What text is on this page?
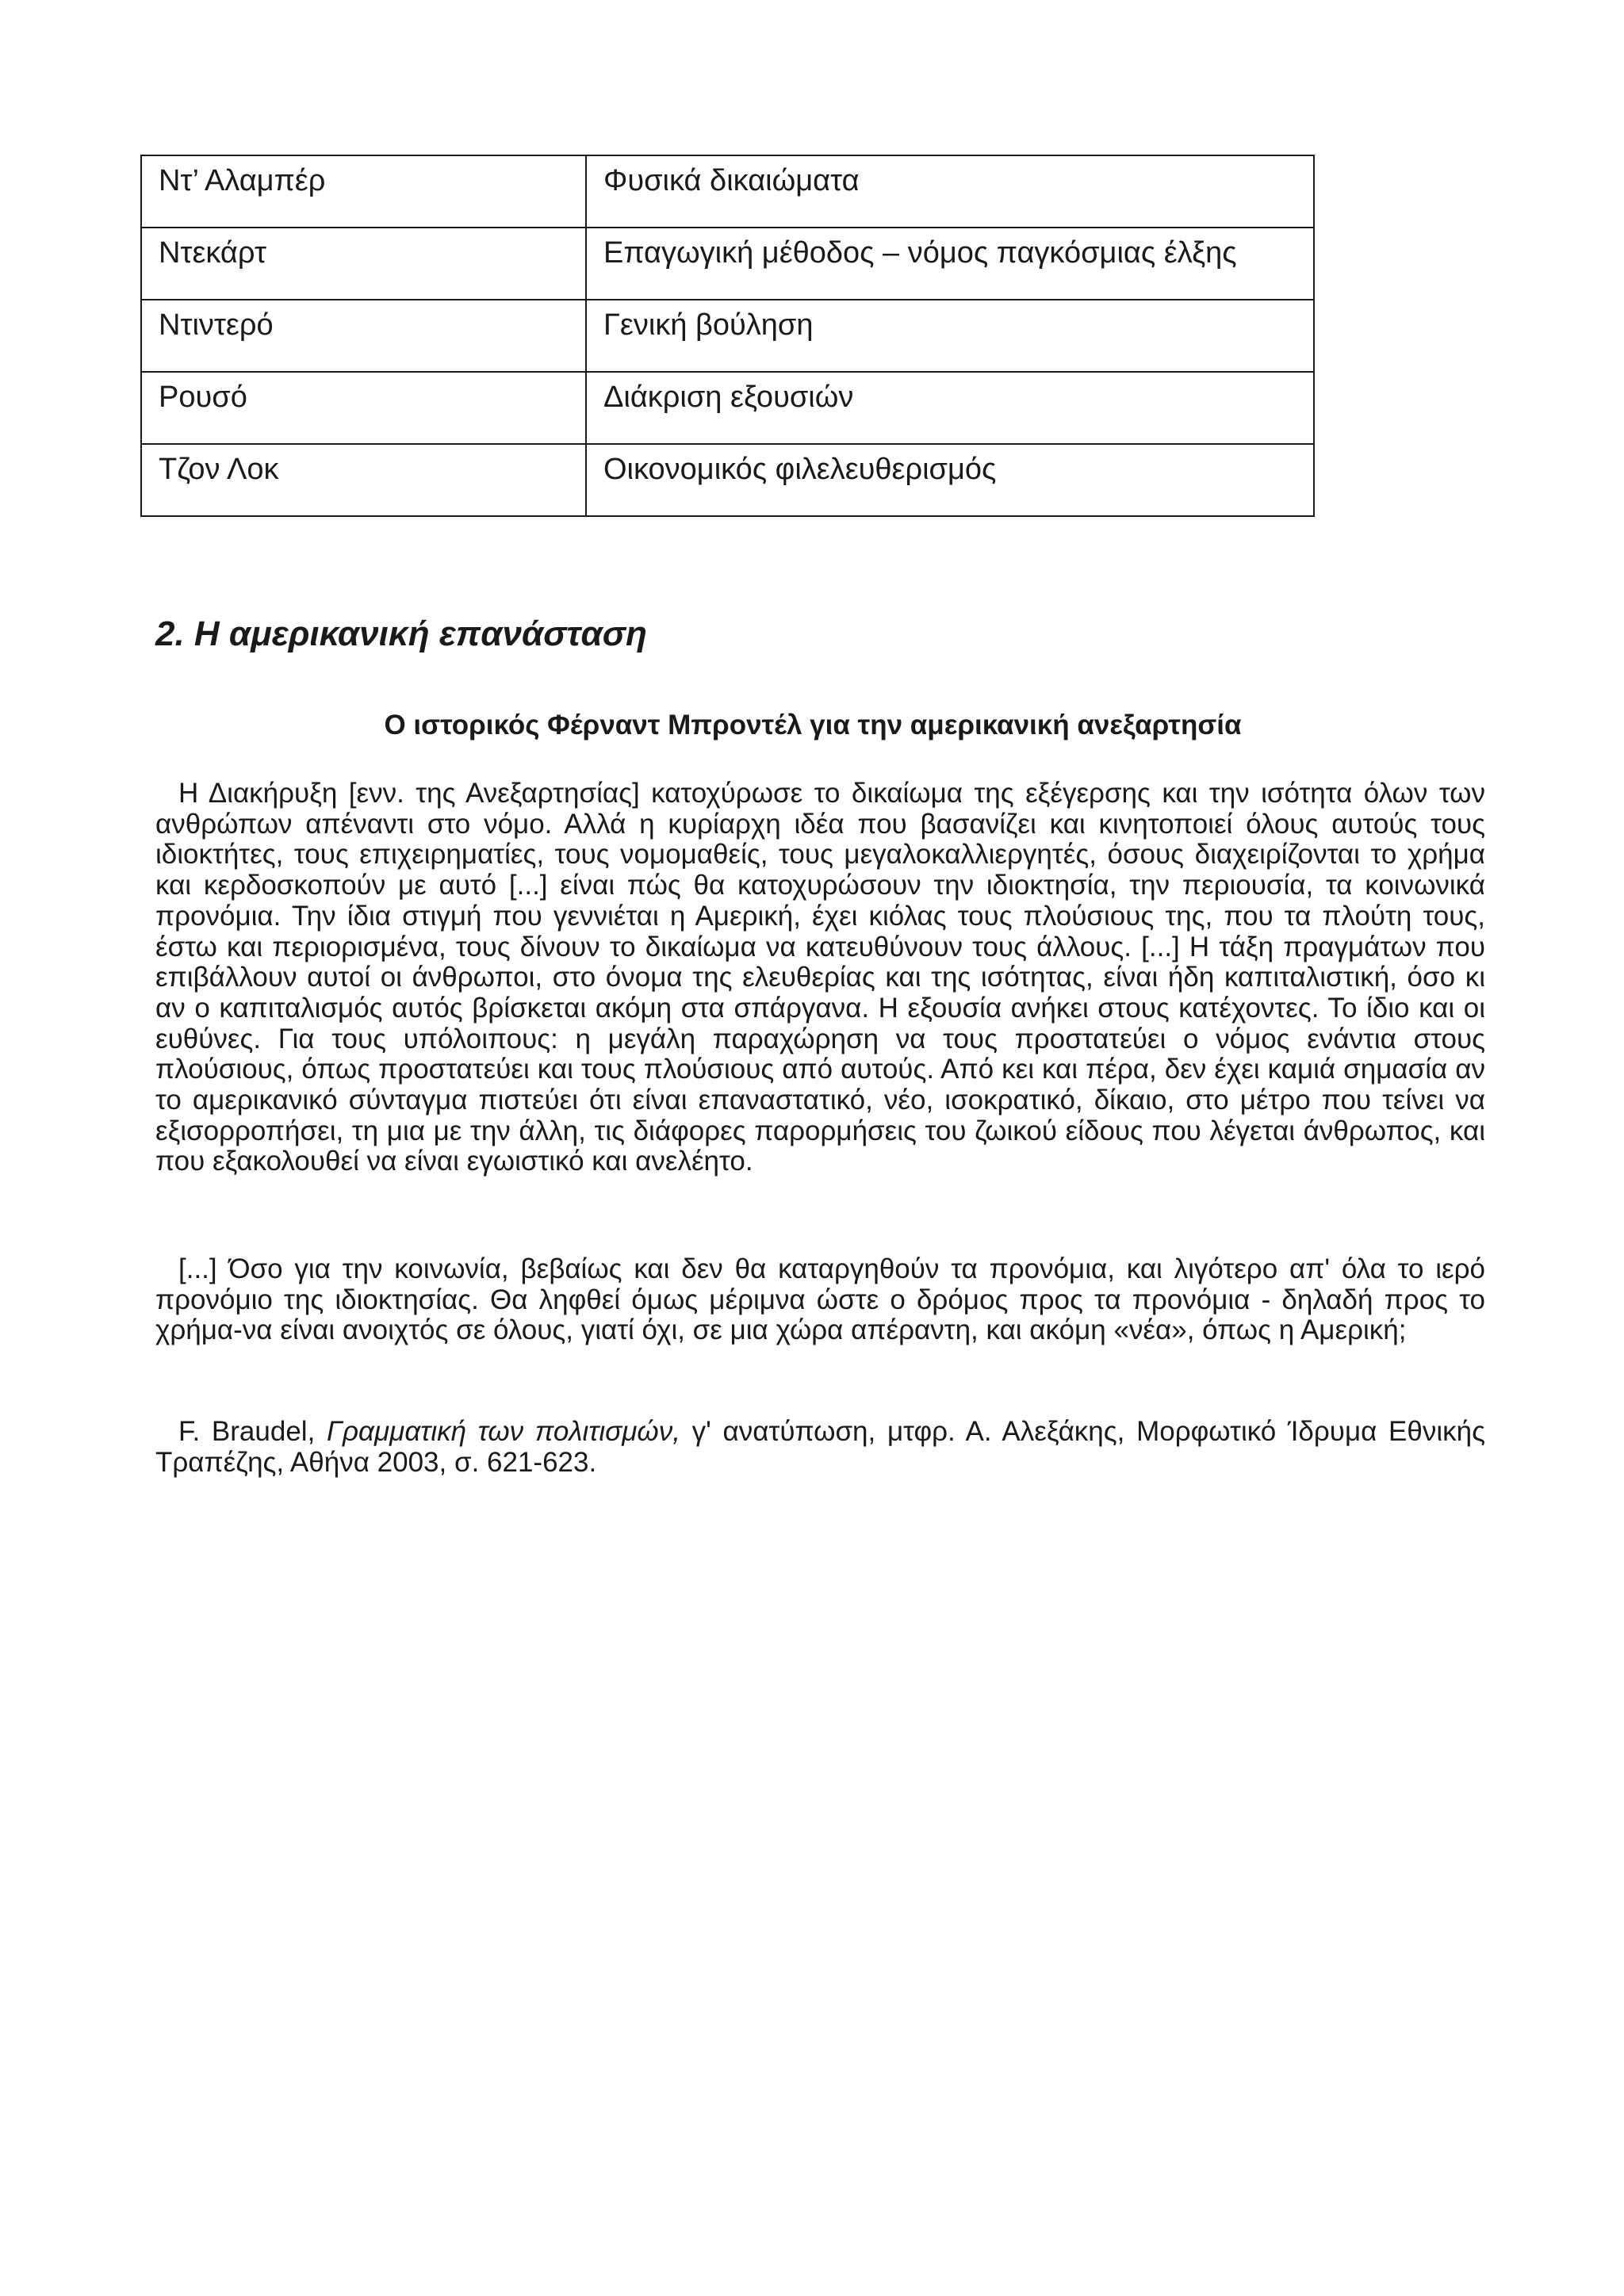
Ντ’ Αλαμπέρ	Φυσικά δικαιώματα
Ντεκάρτ	Επαγωγική μέθοδος – νόμος παγκόσμιας έλξης
Ντιντερό	Γενική βούληση
Ρουσό	Διάκριση εξουσιών
Τζον Λοκ	Οικονομικός φιλελευθερισμός
2. Η αμερικανική επανάσταση
Ο ιστορικός Φέρναντ Μπροντέλ για την αμερικανική ανεξαρτησία

Η Διακήρυξη [ενν. της Ανεξαρτησίας] κατοχύρωσε το δικαίωμα της εξέγερσης και την ισότητα όλων των ανθρώπων απέναντι στο νόμο. Αλλά η κυρίαρχη ιδέα που βασανίζει και κινητοποιεί όλους αυτούς τους ιδιοκτήτες, τους επιχειρηματίες, τους νομομαθείς, τους μεγαλοκαλλιεργητές, όσους διαχειρίζονται το χρήμα και κερδοσκοπούν με αυτό [...] είναι πώς θα κατοχυρώσουν την ιδιοκτησία, την περιουσία, τα κοινωνικά προνόμια. Την ίδια στιγμή που γεννιέται η Αμερική, έχει κιόλας τους πλούσιους της, που τα πλούτη τους, έστω και περιορισμένα, τους δίνουν το δικαίωμα να κατευθύνουν τους άλλους. [...] Η τάξη πραγμάτων που επιβάλλουν αυτοί οι άνθρωποι, στο όνομα της ελευθερίας και της ισότητας, είναι ήδη καπιταλιστική, όσο κι αν ο καπιταλισμός αυτός βρίσκεται ακόμη στα σπάργανα. Η εξουσία ανήκει στους κατέχοντες. Το ίδιο και οι ευθύνες. Για τους υπόλοιπους: η μεγάλη παραχώρηση να τους προστατεύει ο νόμος ενάντια στους πλούσιους, όπως προστατεύει και τους πλούσιους από αυτούς. Από κει και πέρα, δεν έχει καμιά σημασία αν το αμερικανικό σύνταγμα πιστεύει ότι είναι επαναστατικό, νέο, ισοκρατικό, δίκαιο, στο μέτρο που τείνει να εξισορροπήσει, τη μια με την άλλη, τις διάφορες παρορμήσεις του ζωικού είδους που λέγεται άνθρωπος, και που εξακολουθεί να είναι εγωιστικό και ανελέητο.

[...] Όσο για την κοινωνία, βεβαίως και δεν θα καταργηθούν τα προνόμια, και λιγότερο απ' όλα το ιερό προνόμιο της ιδιοκτησίας. Θα ληφθεί όμως μέριμνα ώστε ο δρόμος προς τα προνόμια - δηλαδή προς το χρήμα-να είναι ανοιχτός σε όλους, γιατί όχι, σε μια χώρα απέραντη, και ακόμη «νέα», όπως η Αμερική;

F. Braudel, Γραμματική των πολιτισμών, γ' ανατύπωση, μτφρ. Α. Αλεξάκης, Μορφωτικό Ίδρυμα Εθνικής Τραπέζης, Αθήνα 2003, σ. 621-623.
